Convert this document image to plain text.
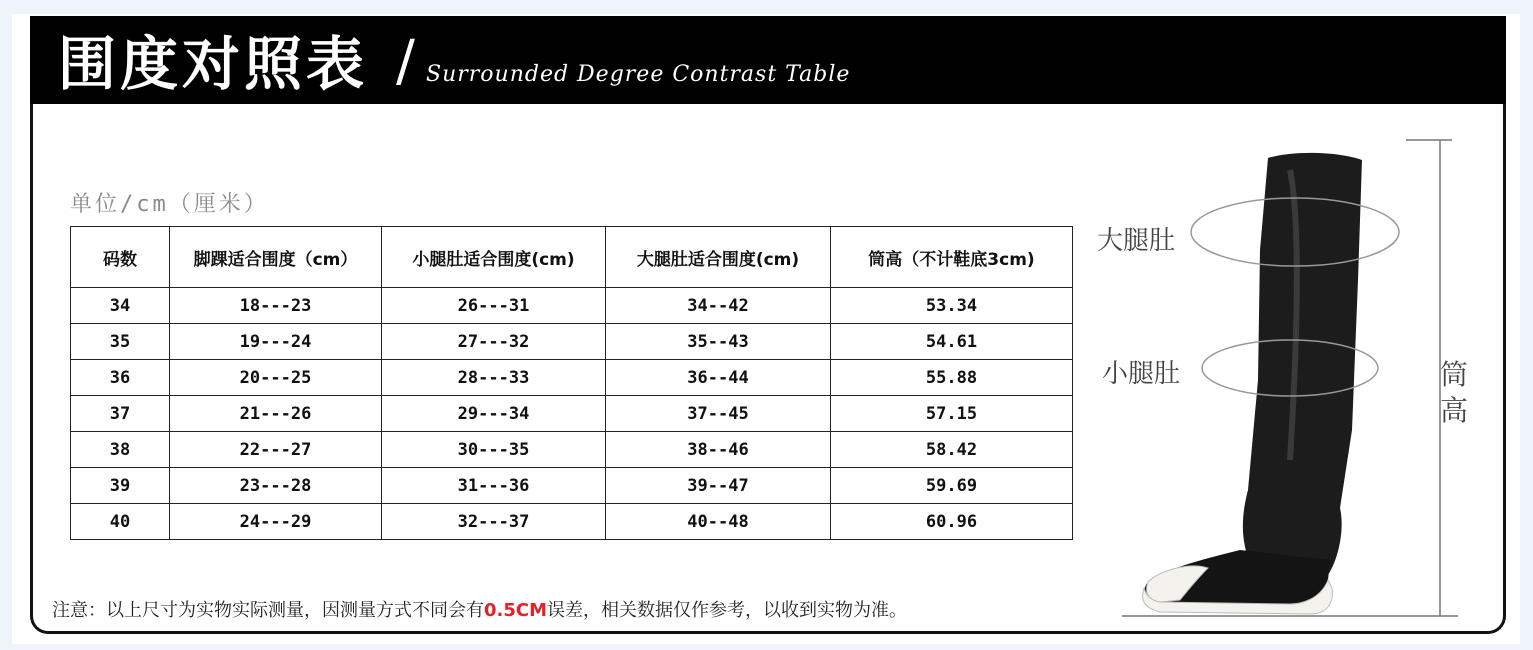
围度对照表 / Surrounded Degree Contrast Table
单位/cm（厘米）
码数	脚踝适合围度（cm）	小腿肚适合围度(cm)	大腿肚适合围度(cm)	筒高（不计鞋底3cm)
34	18---23	26---31	34--42	53.34
35	19---24	27---32	35--43	54.61
36	20---25	28---33	36--44	55.88
37	21---26	29---34	37--45	57.15
38	22---27	30---35	38--46	58.42
39	23---28	31---36	39--47	59.69
40	24---29	32---37	40--48	60.96
注意：以上尺寸为实物实际测量，因测量方式不同会有0.5CM误差，相关数据仅作参考，以收到实物为准。
大腿肚
小腿肚	筒
高
